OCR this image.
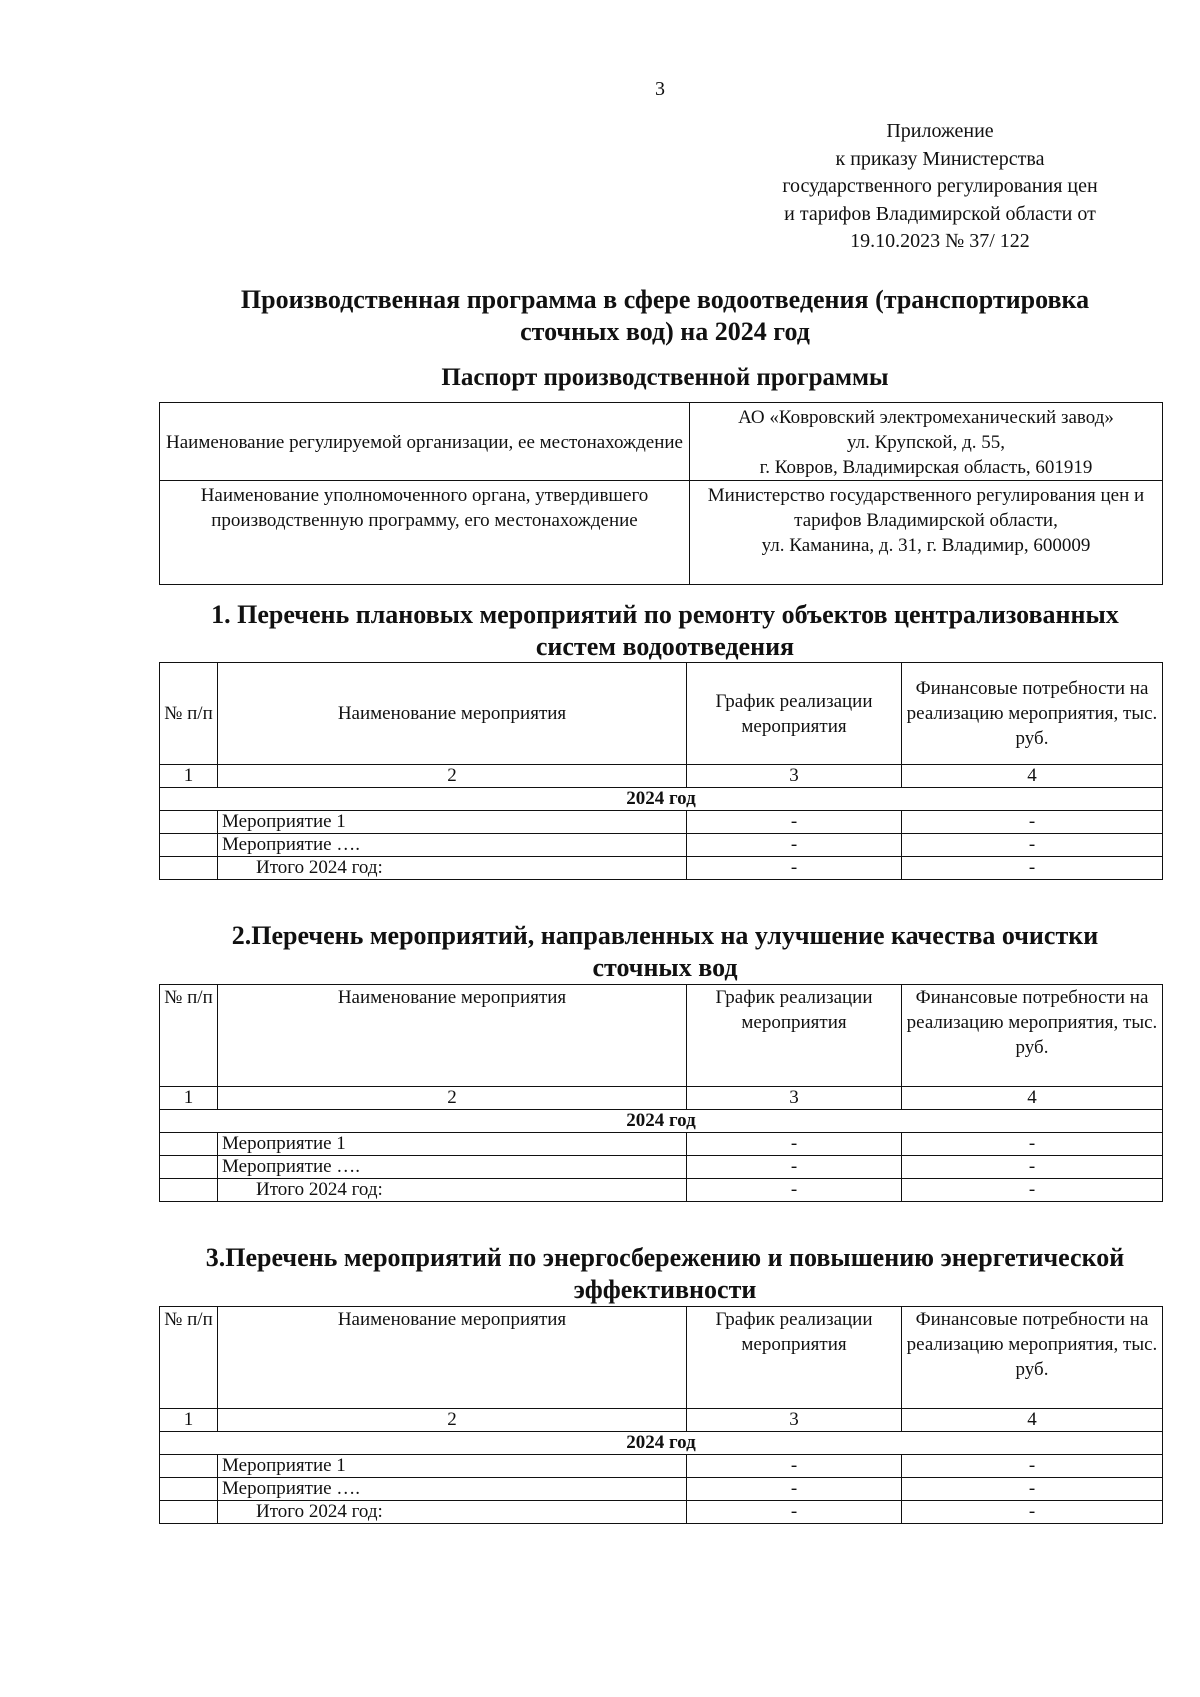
3
Приложение
к приказу Министерства
государственного регулирования цен
и тарифов Владимирской области от
19.10.2023 № 37/ 122
Производственная программа в сфере водоотведения (транспортировка
сточных вод) на 2024 год
Паспорт производственной программы
Наименование регулируемой организации, ее местонахождение	АО «Ковровский электромеханический завод»
ул. Крупской, д. 55,
г. Ковров, Владимирская область, 601919

Наименование уполномоченного органа, утвердившего производственную программу, его местонахождение	Министерство государственного регулирования цен и тарифов Владимирской области,
ул. Каманина, д. 31, г. Владимир, 600009
1. Перечень плановых мероприятий по ремонту объектов централизованных
систем водоотведения
№ п/п	Наименование мероприятия	График реализации мероприятия	Финансовые потребности на реализацию мероприятия, тыс. руб.
1	2	3	4
2024 год			
	Мероприятие 1	-	-
	Мероприятие ….	-	-
	Итого 2024 год:	-	-
2.Перечень мероприятий, направленных на улучшение качества очистки
сточных вод
№ п/п	Наименование мероприятия	График реализации мероприятия	Финансовые потребности на реализацию мероприятия, тыс. руб.
1	2	3	4
2024 год			
	Мероприятие 1	-	-
	Мероприятие ….	-	-
	Итого 2024 год:	-	-
3.Перечень мероприятий по энергосбережению и повышению энергетической
эффективности
№ п/п	Наименование мероприятия	График реализации мероприятия	Финансовые потребности на реализацию мероприятия, тыс. руб.
1	2	3	4
2024 год			
	Мероприятие 1	-	-
	Мероприятие ….	-	-
	Итого 2024 год:	-	-
